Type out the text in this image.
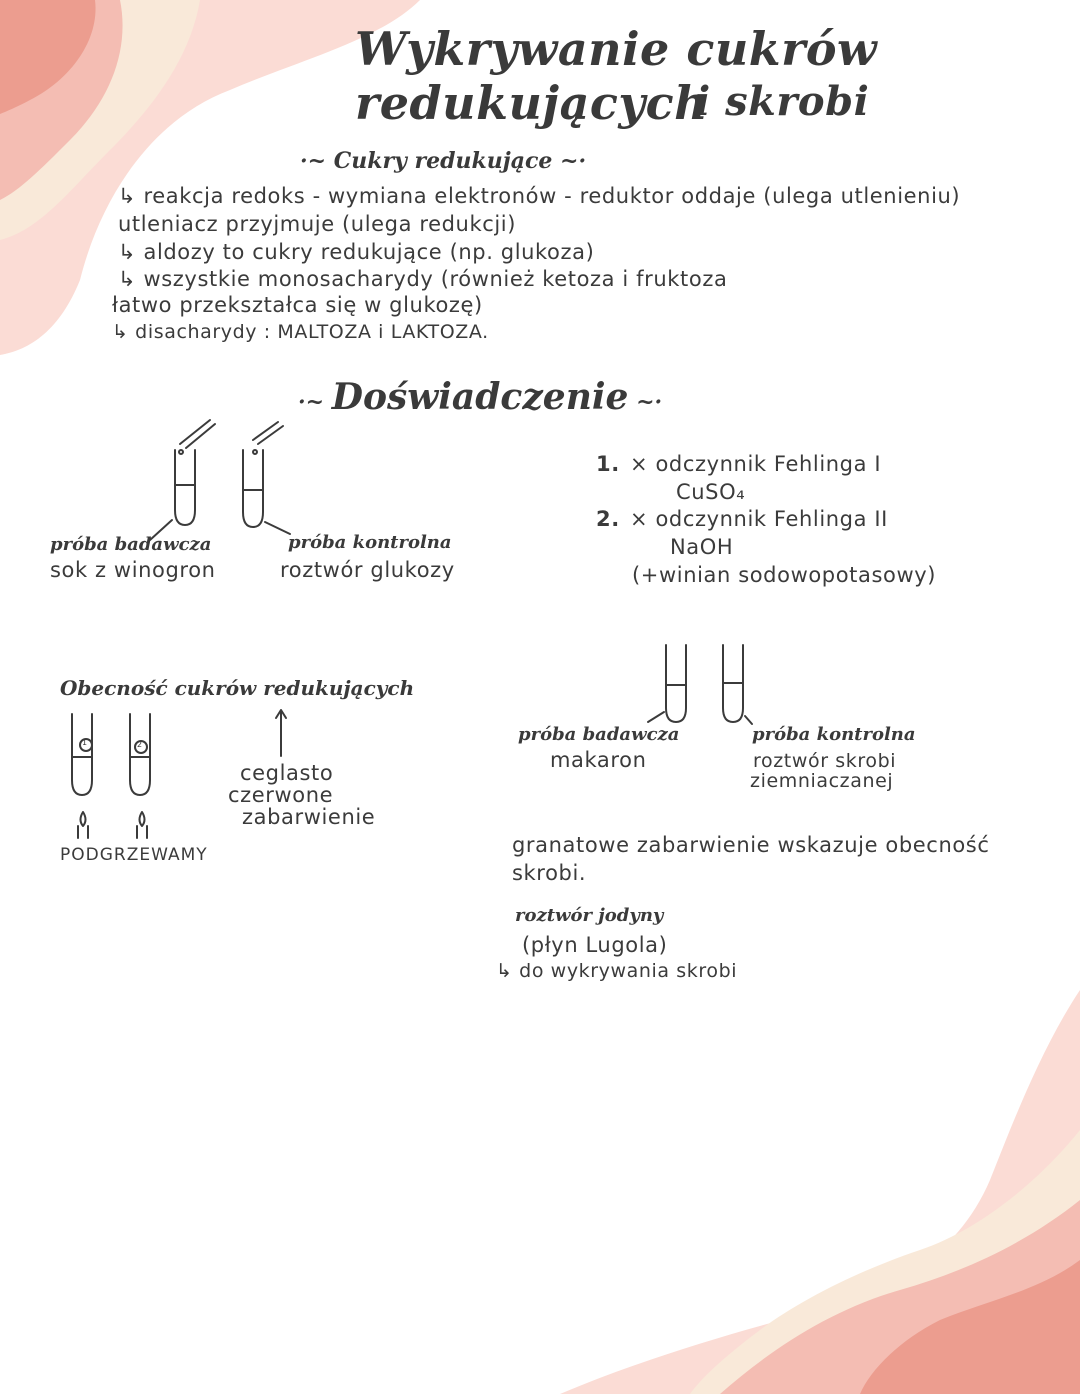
Wykrywanie cukrów redukujących
i skrobi
·~ Cukry redukujące ~·
↳ reakcja redoks - wymiana elektronów - reduktor oddaje (ulega utlenieniu)
utleniacz przyjmuje (ulega redukcji)
↳ aldozy to cukry redukujące (np. glukoza)
↳ wszystkie monosacharydy (również ketoza i fruktoza
łatwo przekształca się w glukozę)
↳ disacharydy : MALTOZA i LAKTOZA.
·~ Doświadczenie ~·
próba badawcza
sok z winogron
próba kontrolna
roztwór glukozy
1. × odczynnik Fehlinga I
CuSO₄
2. × odczynnik Fehlinga II
NaOH
(+winian sodowopotasowy)
Obecność cukrów redukujących
1	2
ceglasto
czerwone
zabarwienie
PODGRZEWAMY
próba badawcza
makaron
próba kontrolna
roztwór skrobi
ziemniaczanej
granatowe zabarwienie wskazuje obecność
skrobi.
roztwór jodyny
(płyn Lugola)
↳ do wykrywania skrobi
